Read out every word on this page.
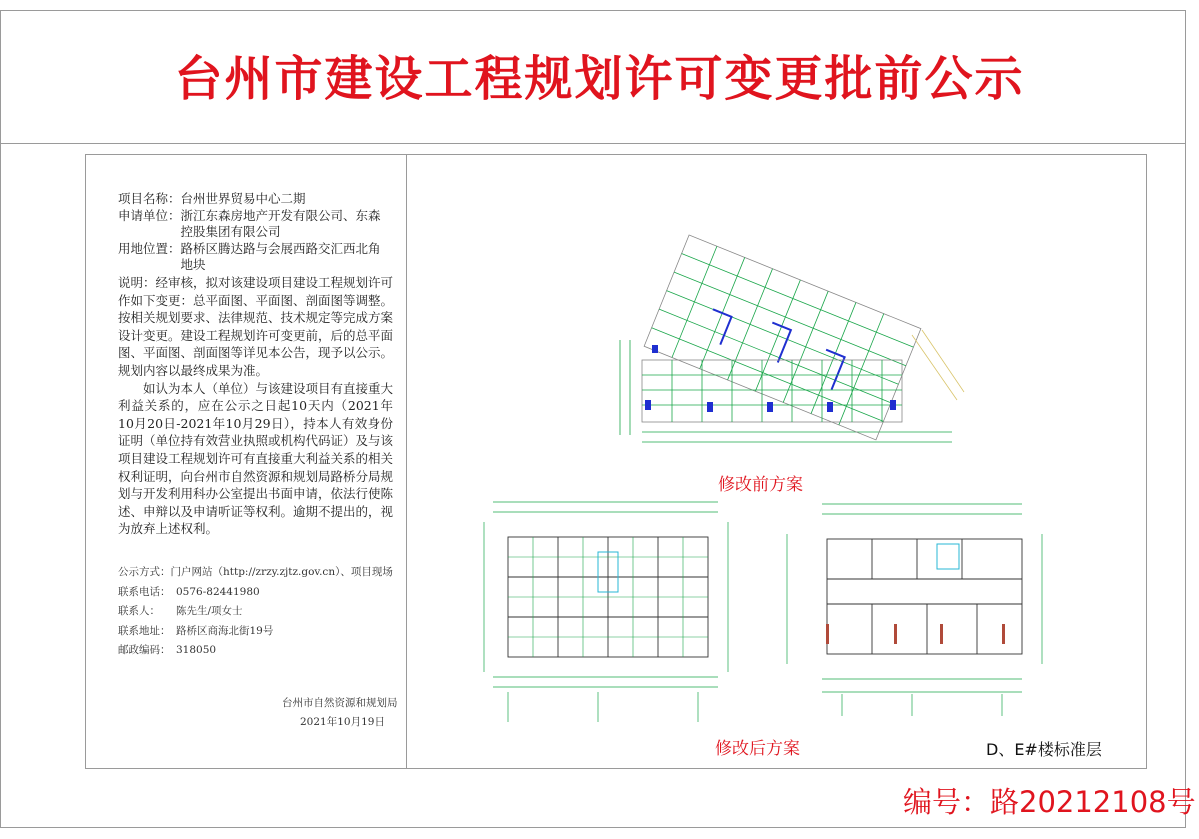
台州市建设工程规划许可变更批前公示
项目名称： 台州世界贸易中心二期
申请单位： 浙江东森房地产开发有限公司、东森控股集团有限公司
用地位置： 路桥区腾达路与会展西路交汇西北角地块

说明：经审核，拟对该建设项目建设工程规划许可作如下变更：总平面图、平面图、剖面图等调整。按相关规划要求、法律规范、技术规定等完成方案设计变更。建设工程规划许可变更前，后的总平面图、平面图、剖面图等详见本公告，现予以公示。规划内容以最终成果为准。

如认为本人（单位）与该建设项目有直接重大利益关系的，应在公示之日起10天内（2021年10月20日-2021年10月29日），持本人有效身份证明（单位持有效营业执照或机构代码证）及与该项目建设工程规划许可有直接重大利益关系的相关权利证明，向台州市自然资源和规划局路桥分局规划与开发利用科办公室提出书面申请，依法行使陈述、申辩以及申请听证等权利。逾期不提出的，视为放弃上述权利。

公示方式： 门户网站（http://zrzy.zjtz.gov.cn）、项目现场
联系电话： 0576-82441980
联系人：	陈先生/项女士
联系地址： 路桥区商海北街19号
邮政编码： 318050
台州市自然资源和规划局
2021年10月19日
修改前方案
修改后方案	D、E#楼标准层
编号：路20212108号
